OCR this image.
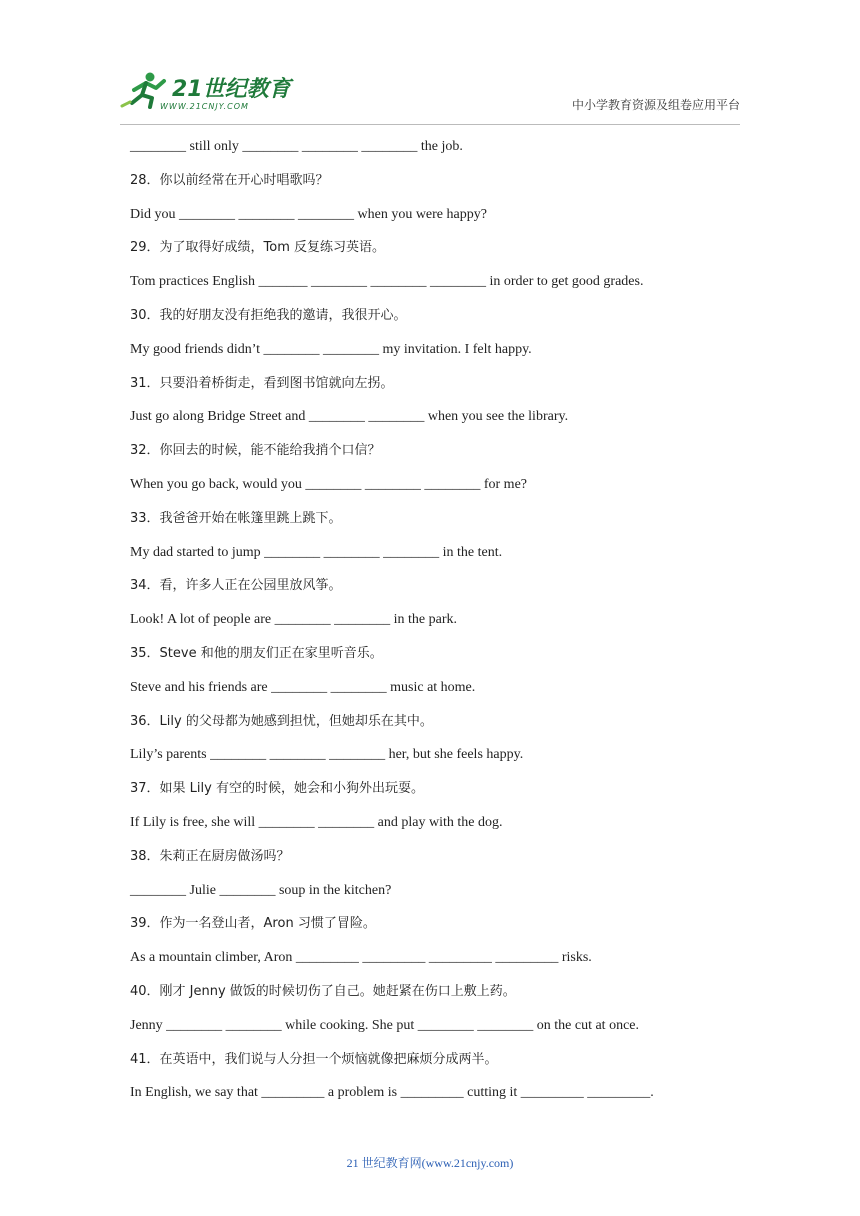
21世纪教育
WWW.21CNJY.COM	中小学教育资源及组卷应用平台
________ still only ________ ________ ________ the job.
28．你以前经常在开心时唱歌吗？
Did you ________ ________ ________ when you were happy?
29．为了取得好成绩，Tom 反复练习英语。
Tom practices English _______ ________ ________ ________ in order to get good grades.
30．我的好朋友没有拒绝我的邀请，我很开心。
My good friends didn’t ________ ________ my invitation. I felt happy.
31．只要沿着桥街走，看到图书馆就向左拐。
Just go along Bridge Street and ________ ________ when you see the library.
32．你回去的时候，能不能给我捎个口信？
When you go back, would you ________ ________ ________ for me?
33．我爸爸开始在帐篷里跳上跳下。
My dad started to jump ________ ________ ________ in the tent.
34．看，许多人正在公园里放风筝。
Look! A lot of people are ________ ________ in the park.
35．Steve 和他的朋友们正在家里听音乐。
Steve and his friends are ________ ________ music at home.
36．Lily 的父母都为她感到担忧，但她却乐在其中。
Lily’s parents ________ ________ ________ her, but she feels happy.
37．如果 Lily 有空的时候，她会和小狗外出玩耍。
If Lily is free, she will ________ ________ and play with the dog.
38．朱莉正在厨房做汤吗？
________ Julie ________ soup in the kitchen?
39．作为一名登山者，Aron 习惯了冒险。
As a mountain climber, Aron _________ _________ _________ _________ risks.
40．刚才 Jenny 做饭的时候切伤了自己。她赶紧在伤口上敷上药。
Jenny ________ ________ while cooking. She put ________ ________ on the cut at once.
41．在英语中，我们说与人分担一个烦恼就像把麻烦分成两半。
In English, we say that _________ a problem is _________ cutting it _________ _________.
21 世纪教育网(www.21cnjy.com)
